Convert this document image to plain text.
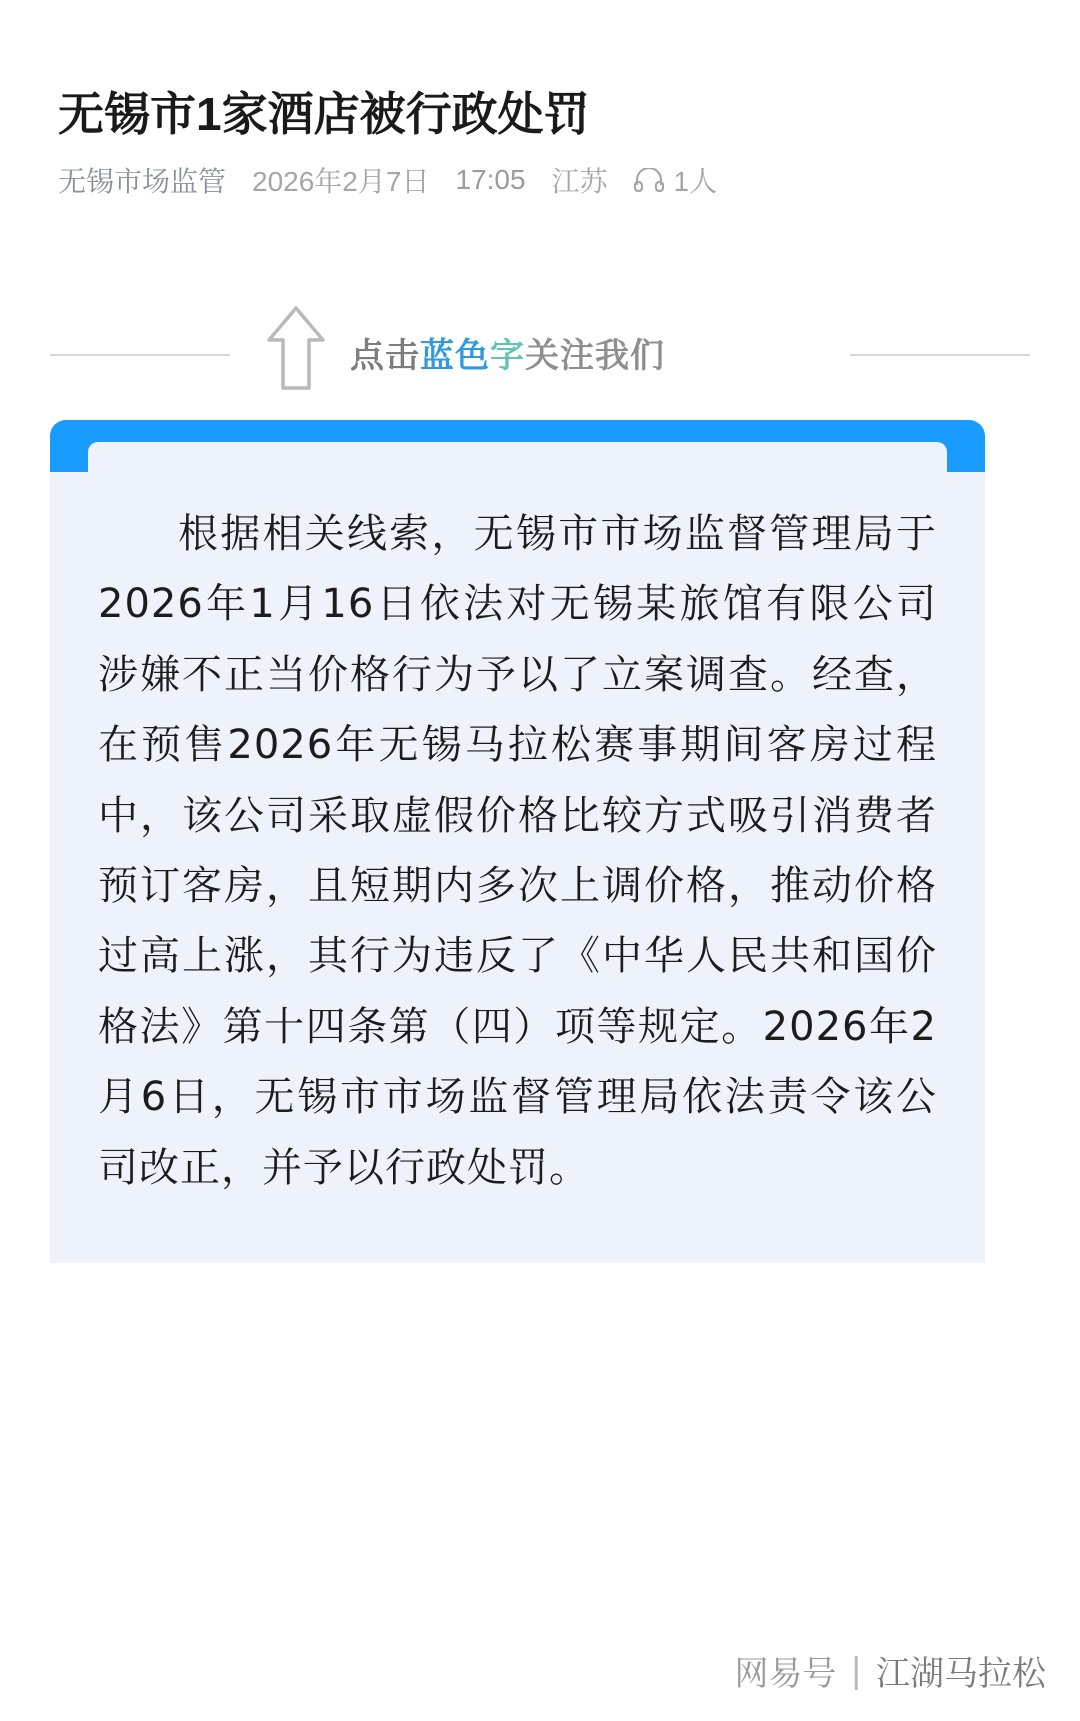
无锡市1家酒店被行政处罚
无锡市场监管 2026年2月7日 17:05 江苏 1人
点击蓝色字关注我们

根据相关线索，无锡市市场监督管理局于2026年1月16日依法对无锡某旅馆有限公司涉嫌不正当价格行为予以了立案调查。经查，在预售2026年无锡马拉松赛事期间客房过程中，该公司采取虚假价格比较方式吸引消费者预订客房，且短期内多次上调价格，推动价格过高上涨，其行为违反了《中华人民共和国价格法》第十四条第（四）项等规定。2026年2月6日，无锡市市场监督管理局依法责令该公司改正，并予以行政处罚。

网易号 | 江湖马拉松
